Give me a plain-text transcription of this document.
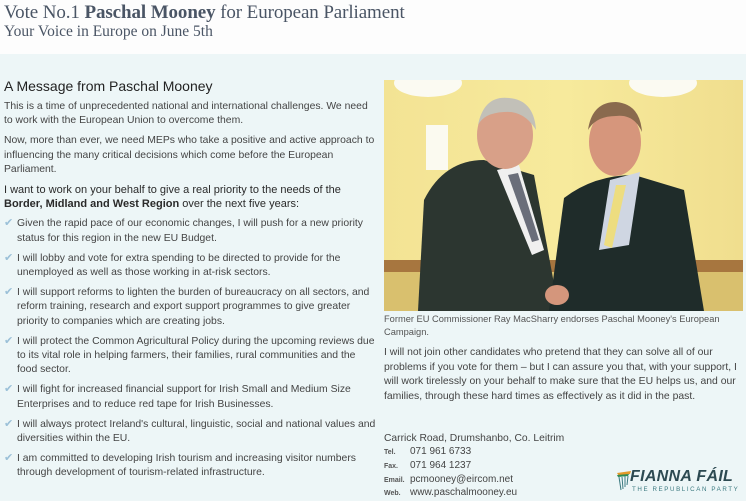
Vote No.1 Paschal Mooney for European Parliament
Your Voice in Europe on June 5th
A Message from Paschal Mooney

This is a time of unprecedented national and international challenges. We need to work with the European Union to overcome them.

Now, more than ever, we need MEPs who take a positive and active approach to influencing the many critical decisions which come before the European Parliament.

I want to work on your behalf to give a real priority to the needs of the Border, Midland and West Region over the next five years:

✔ Given the rapid pace of our economic changes, I will push for a new priority status for this region in the new EU Budget.
✔ I will lobby and vote for extra spending to be directed to provide for the unemployed as well as those working in at-risk sectors.
✔ I will support reforms to lighten the burden of bureaucracy on all sectors, and reform training, research and export support programmes to give greater priority to companies which are creating jobs.
✔ I will protect the Common Agricultural Policy during the upcoming reviews due to its vital role in helping farmers, their families, rural communities and the food sector.
✔ I will fight for increased financial support for Irish Small and Medium Size Enterprises and to reduce red tape for Irish Businesses.
✔ I will always protect Ireland's cultural, linguistic, social and national values and diversities within the EU.
✔ I am committed to developing Irish tourism and increasing visitor numbers through development of tourism-related infrastructure.
Former EU Commissioner Ray MacSharry endorses Paschal Mooney's European Campaign.
I will not join other candidates who pretend that they can solve all of our problems if you vote for them – but I can assure you that, with your support, I will work tirelessly on your behalf to make sure that the EU helps us, and our families, through these hard times as effectively as it did in the past.
Carrick Road, Drumshanbo, Co. Leitrim
Tel. 071 961 6733
Fax. 071 964 1237
Email. pcmooney@eircom.net
Web. www.paschalmooney.eu
FIANNA FÁIL
THE REPUBLICAN PARTY
